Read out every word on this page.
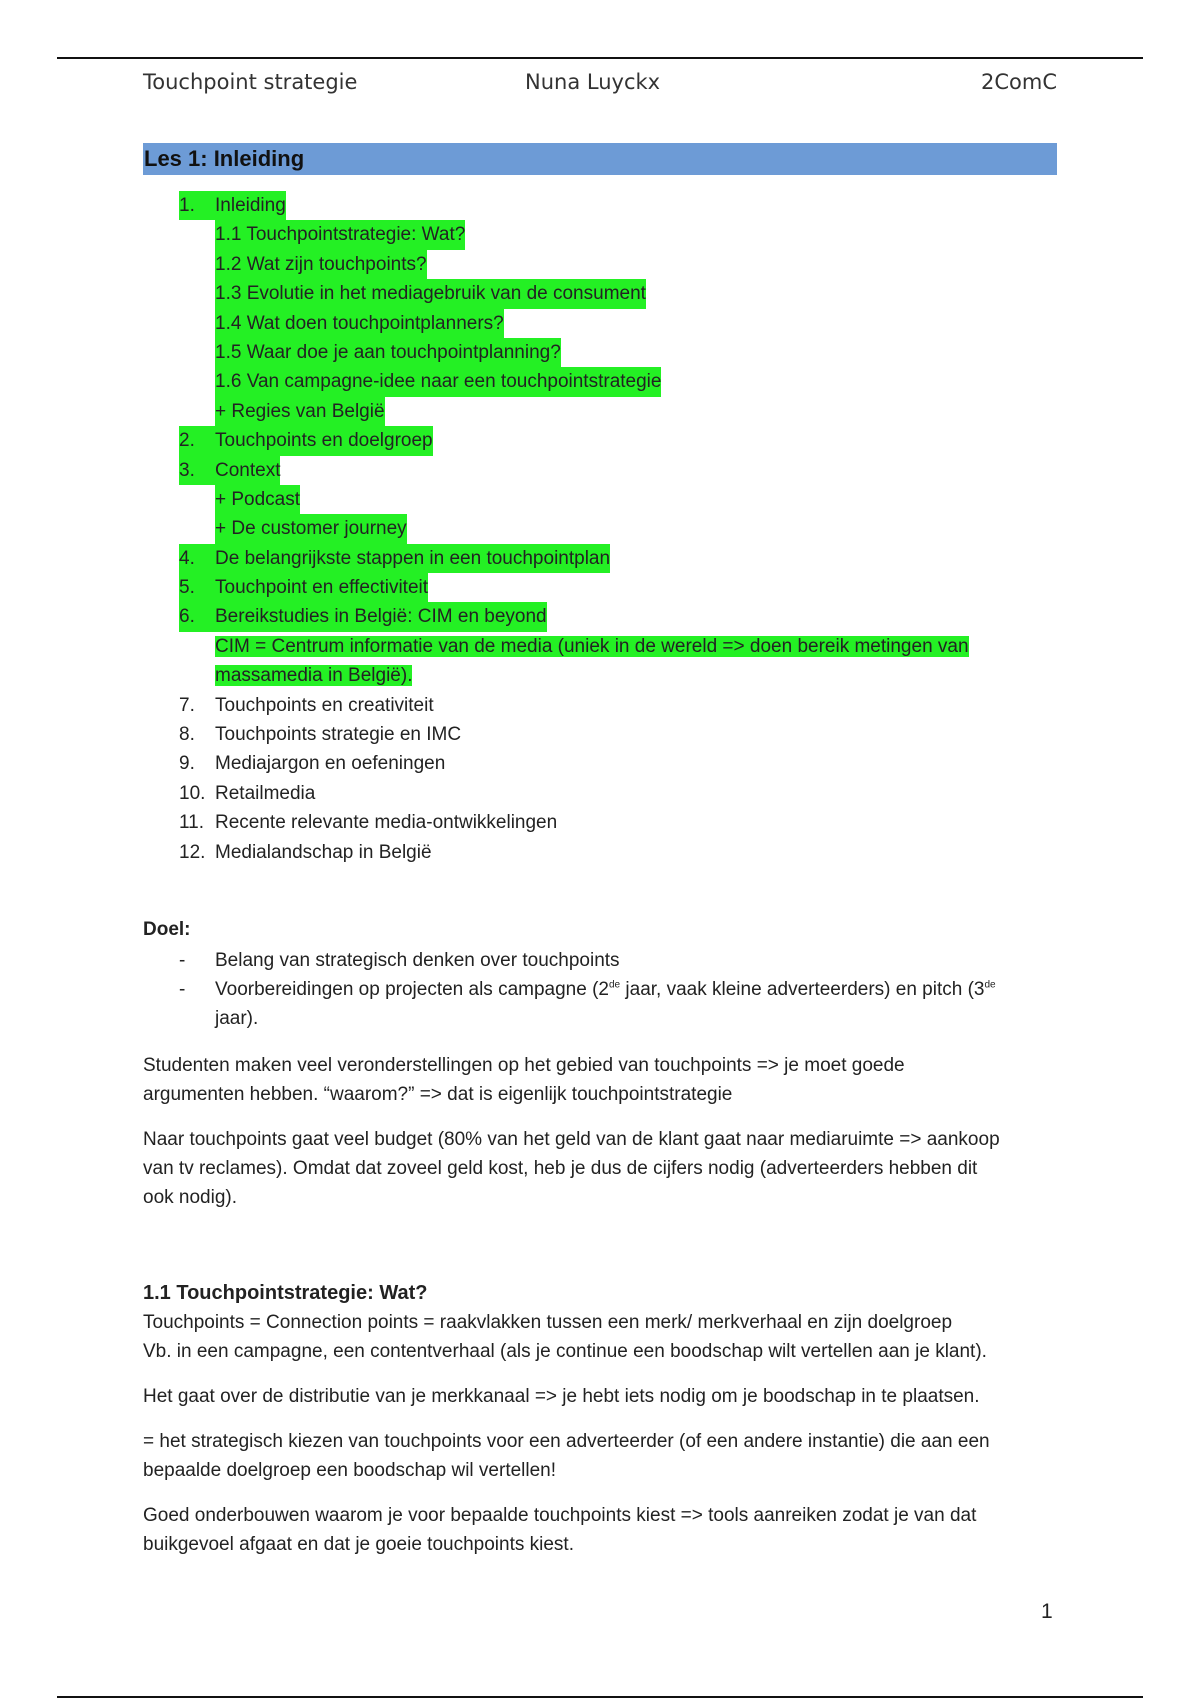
Touchpoint strategie	Nuna Luyckx	2ComC
Les 1: Inleiding
1. Inleiding
1.1 Touchpointstrategie: Wat?
1.2 Wat zijn touchpoints?
1.3 Evolutie in het mediagebruik van de consument
1.4 Wat doen touchpointplanners?
1.5 Waar doe je aan touchpointplanning?
1.6 Van campagne-idee naar een touchpointstrategie
+ Regies van België
2. Touchpoints en doelgroep
3. Context
+ Podcast
+ De customer journey
4. De belangrijkste stappen in een touchpointplan
5. Touchpoint en effectiviteit
6. Bereikstudies in België: CIM en beyond
CIM = Centrum informatie van de media (uniek in de wereld => doen bereik metingen van
massamedia in België).
7. Touchpoints en creativiteit
8. Touchpoints strategie en IMC
9. Mediajargon en oefeningen
10. Retailmedia
11. Recente relevante media-ontwikkelingen
12. Medialandschap in België
Doel:
- Belang van strategisch denken over touchpoints
- Voorbereidingen op projecten als campagne (2de jaar, vaak kleine adverteerders) en pitch (3de
jaar).

Studenten maken veel veronderstellingen op het gebied van touchpoints => je moet goede
argumenten hebben. “waarom?” => dat is eigenlijk touchpointstrategie

Naar touchpoints gaat veel budget (80% van het geld van de klant gaat naar mediaruimte => aankoop
van tv reclames). Omdat dat zoveel geld kost, heb je dus de cijfers nodig (adverteerders hebben dit
ook nodig).

1.1 Touchpointstrategie: Wat?

Touchpoints = Connection points = raakvlakken tussen een merk/ merkverhaal en zijn doelgroep
Vb. in een campagne, een contentverhaal (als je continue een boodschap wilt vertellen aan je klant).

Het gaat over de distributie van je merkkanaal => je hebt iets nodig om je boodschap in te plaatsen.

= het strategisch kiezen van touchpoints voor een adverteerder (of een andere instantie) die aan een
bepaalde doelgroep een boodschap wil vertellen!

Goed onderbouwen waarom je voor bepaalde touchpoints kiest => tools aanreiken zodat je van dat
buikgevoel afgaat en dat je goeie touchpoints kiest.

1
